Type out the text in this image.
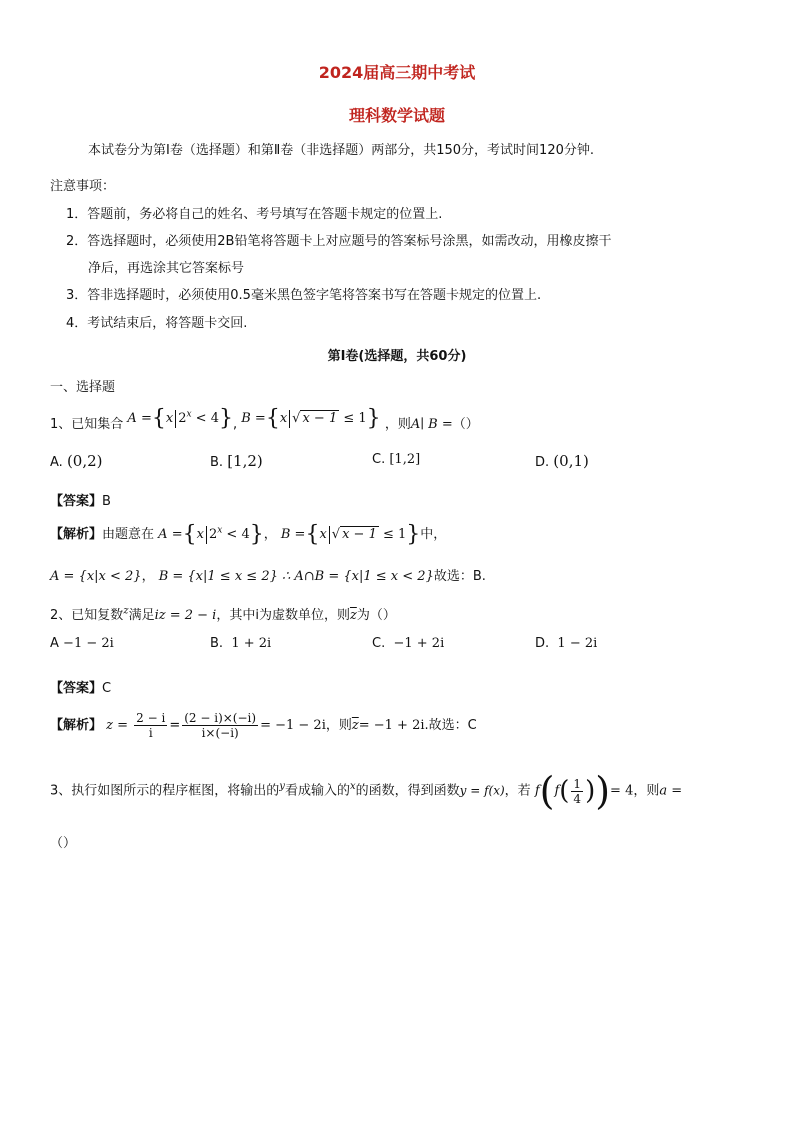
2024届高三期中考试
理科数学试题
本试卷分为第Ⅰ卷（选择题）和第Ⅱ卷（非选择题）两部分，共150分，考试时间120分钟.
注意事项：
1．答题前，务必将自己的姓名、考号填写在答题卡规定的位置上.
2．答选择题时，必须使用2B铅笔将答题卡上对应题号的答案标号涂黑，如需改动，用橡皮擦干
净后，再选涂其它答案标号
3．答非选择题时，必须使用0.5毫米黑色签字笔将答案书写在答题卡规定的位置上.
4．考试结束后，将答题卡交回.
第Ⅰ卷(选择题，共60分)
一、选择题
1、已知集合 A ={x $2^x < 4$}, B ={x √ x − 1 ≤ 1} ，则A∣ B =（）
A. (0,2)	B. [1,2)	C. [1,2]	D. (0,1)
【答案】B
【解析】由题意在 A ={x $2^x < 4$}， B ={x √ x − 1 ≤ 1}中，
A = {x|x < 2}， B = {x|1 ≤ x ≤ 2} ∴ A∩B = {x|1 ≤ x < 2}故选：B.
2、已知复数$^z$满足iz = 2 − i，其中i为虚数单位，则$\overline{z}$为（）
A −1 − 2i	B. 1 + 2i	C. −1 + 2i	D. 1 − 2i
【答案】C
【解析】 $z = \frac{2 - i}{i} = \frac{(2 - i)\times(-i)}{i\times(-i)} = -1 - 2i$，则$\overline{z}= -1 + 2i$.故选：C
3、执行如图所示的程序框图，将输出的$^y$看成输入的$^x$的函数，得到函数y = f(x)，若 $f(f( \frac{1}{4}$ ))= 4，则a =
（）
